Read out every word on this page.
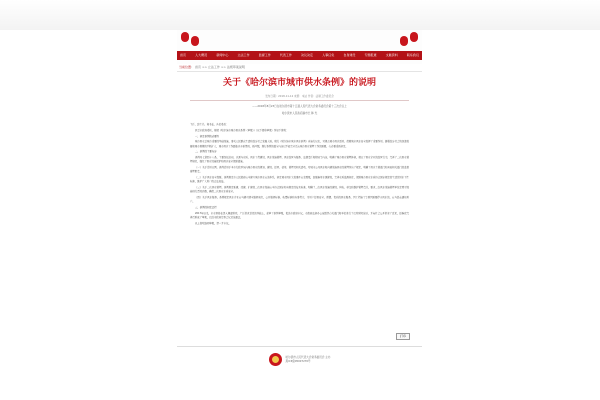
首页	人大概况	新闻中心	立法工作	监督工作	代表工作	决议决定	人事任免	自身建设	专题报道	文献资料	联系我们
当前位置： 首页 >> 立法工作 >> 法规草案说明
关于《哈尔滨市城市供水条例》的说明
发布日期：2018-11-12 来源：本站 作者：法制工作委员会
——2018年8月23日在哈尔滨市第十五届人民代表大会常务委员会第十三次会议上
哈尔滨市人民政府副市长 韩 光

主任、副主任、秘书长、各位委员：

我受市政府委托，现就《哈尔滨市城市供水条例（草案）》（以下简称草案）作如下说明：

一、制定条例的必要性

城市供水是城市重要的基础设施，事关人民群众生活和经济社会发展大局。现行《哈尔滨市城市供水条例》自施行以来，对规范城市供水活动、保障城市供水安全发挥了重要作用。随着经济社会的快速发展和城市规模的不断扩大，城市供水工作面临许多新情况、新问题，现行条例的部分内容已不能完全适应城市供水管理工作的需要，有必要重新制定。

二、条例的主要内容

条例共七章四十八条，主要包括总则、水源与水质、供水工程建设、供水设施管理、供水经营与服务、法律责任和附则等内容，明确了城市供水管理体制，规范了供水企业的经营行为，完善了二次供水管理制度，强化了供水设施保护和供水安全保障措施。

（一）关于适用范围。条例适用于本市行政区域内城市供水的规划、建设、经营、使用、管理及相关活动，对城市公共供水和自建设施供水的管理作出了规定，明确了供水主管部门和其他相关部门的监督管理职责。

（二）关于供水安全保障。条例规定市人民政府应当建立城市供水应急体系，制定城市供水突发事件应急预案，加强备用水源建设，完善水质监测制度，保障城市供水水质符合国家规定的生活饮用水卫生标准，维护广大用户的合法权益。

（三）关于二次供水管理。条例规定新建、改建、扩建的二次供水设施应当符合国家和省规定的技术标准，明确了二次供水设施的建设、验收、移交和维护管理责任，要求二次供水设施管理单位定期对设施进行清洗消毒，确保二次供水水质安全。

（四）关于供水服务。条例规定供水企业应当建立健全服务制度，公开服务标准、收费标准和办事程序，为用户提供安全、便捷、优质的供水服务，因工程施工等原因需要停止供水的，应当提前通知用户。

三、条例的制定过程

2017年以来，市水务局在深入调查研究、广泛征求意见的基础上，起草了条例草案，报送市政府审议。市政府法制办公室组织有关部门和单位进行了反复研究论证，并向社会公开征求了意见，经修改完善后形成了草案，已经市政府常务会议讨论通过。

以上说明连同草案，请一并审议。

打印
哈尔滨市人民代表大会常务委员会 主办
黑ICP备05007270号
